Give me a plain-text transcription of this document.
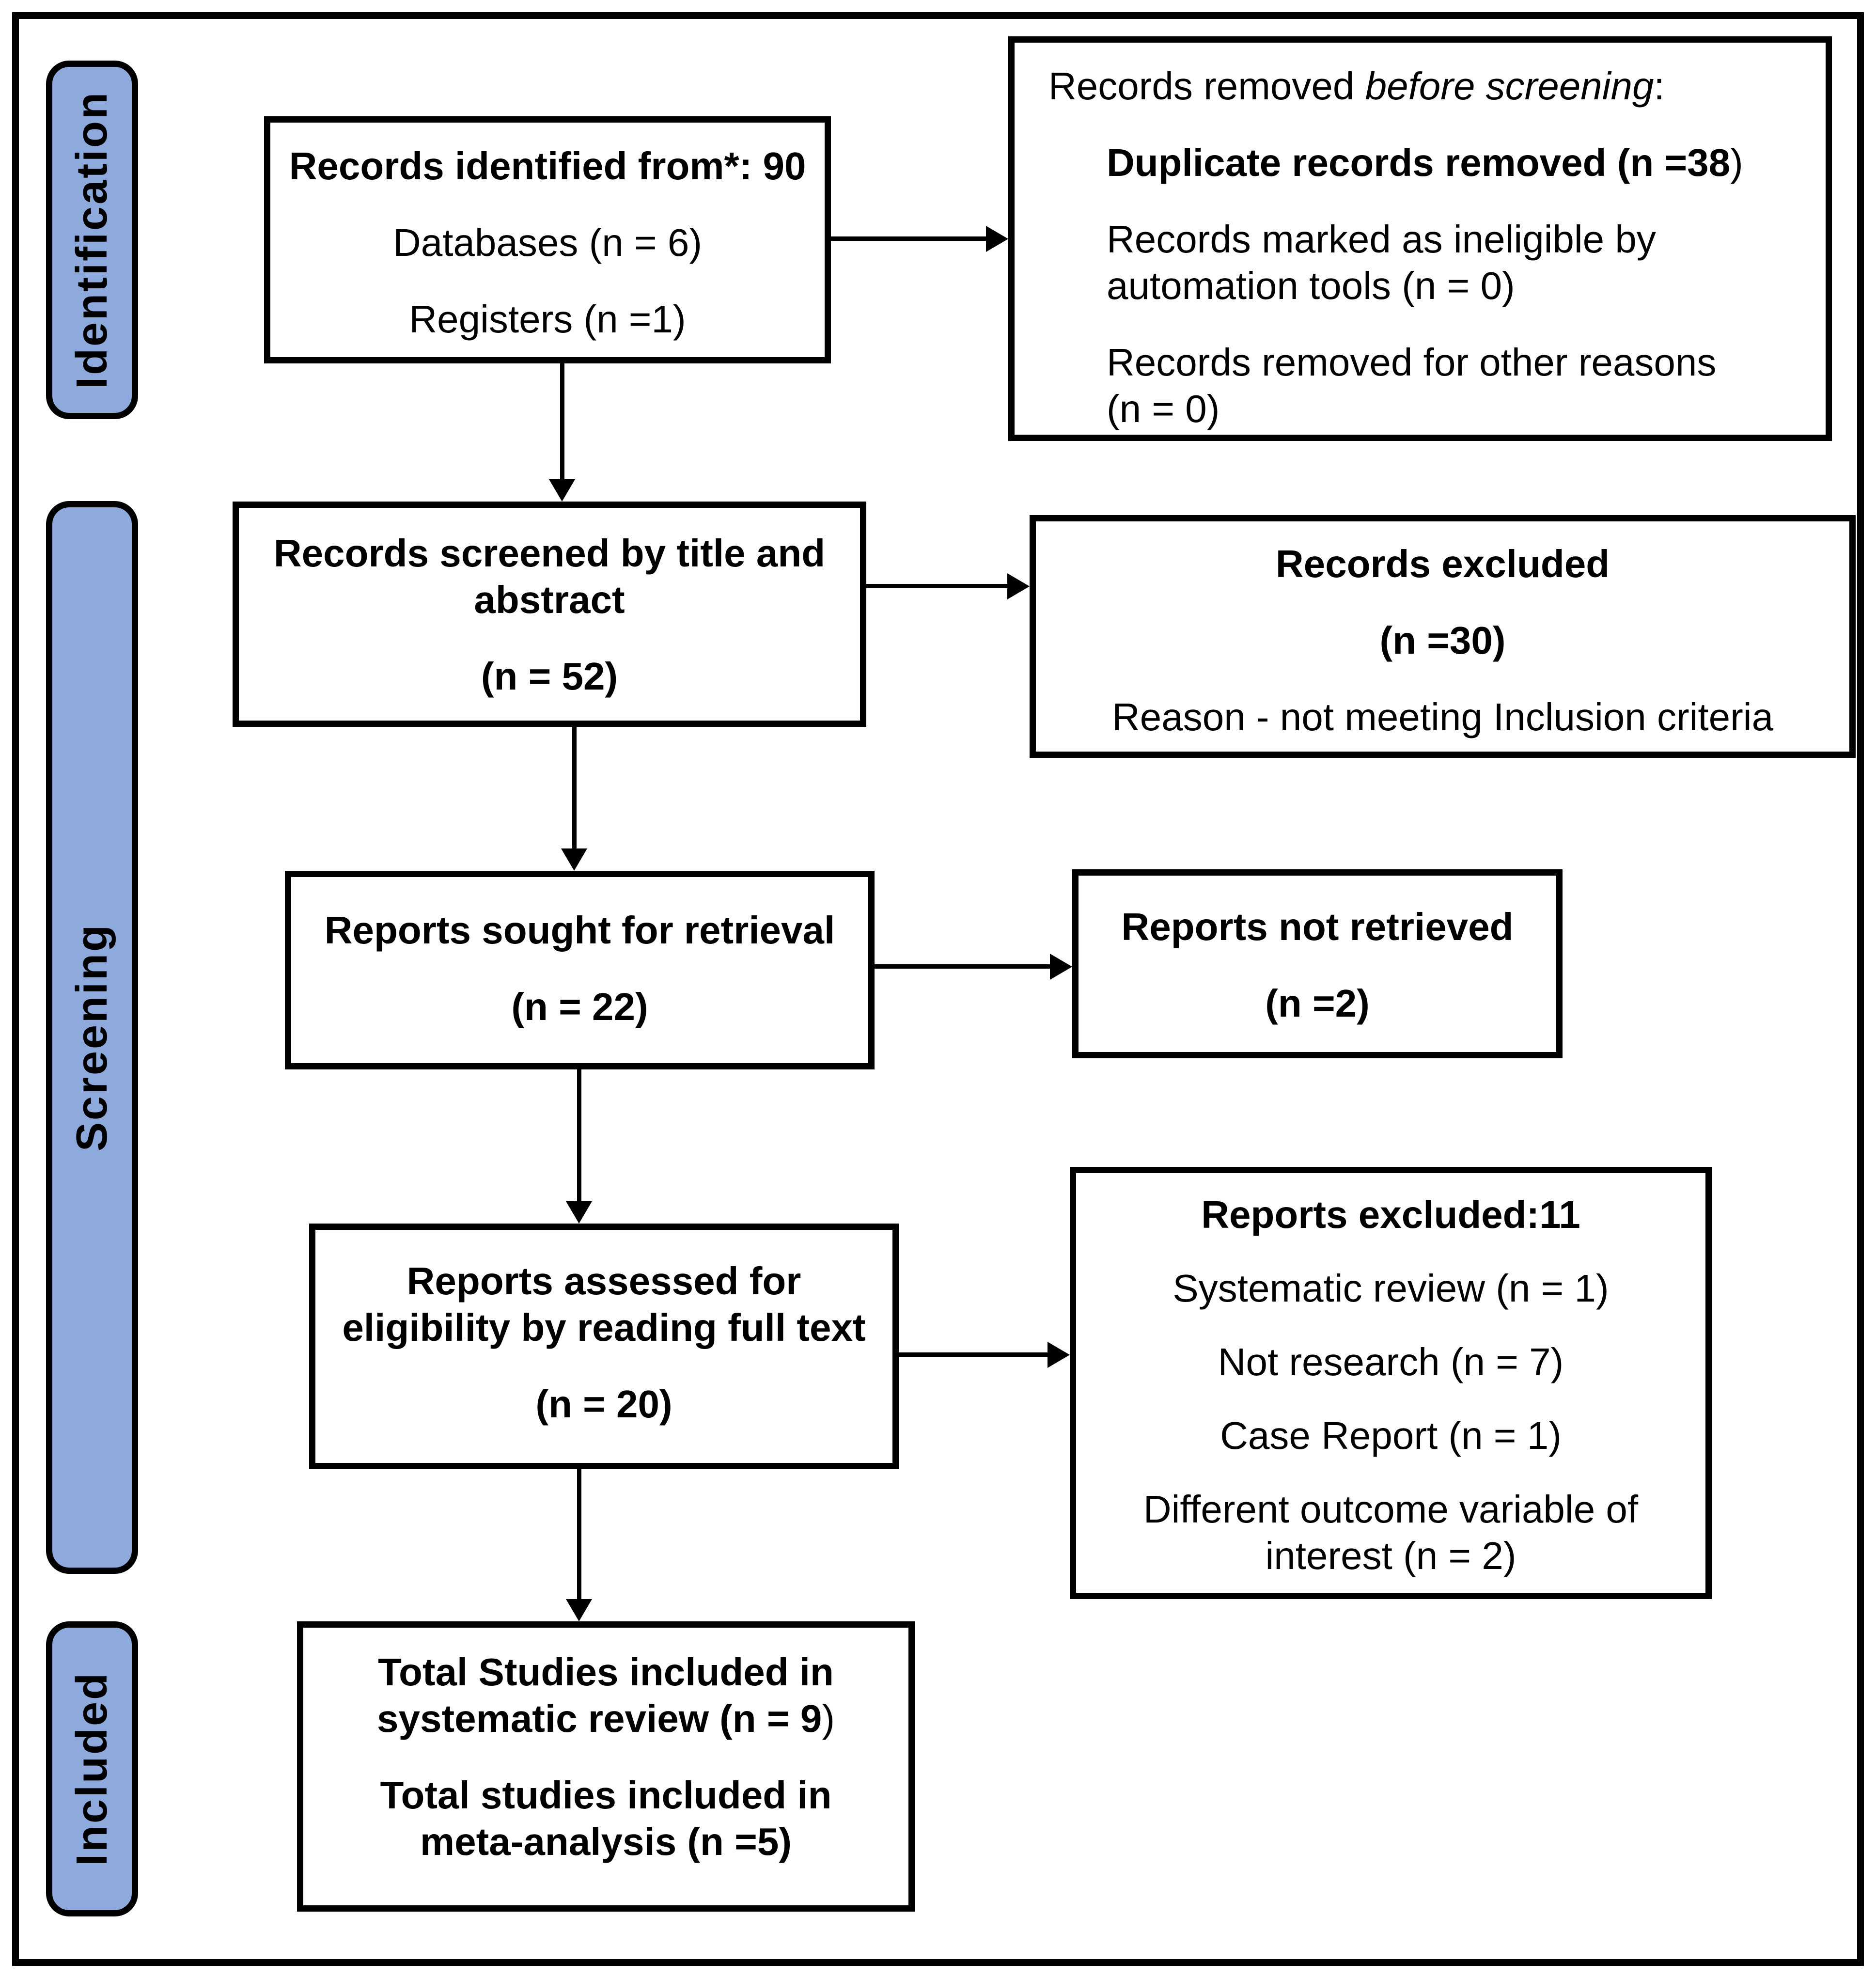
Identification
Screening
Included
Records identified from*: 90
Databases (n = 6)
Registers (n =1)
Records removed before screening:
Duplicate records removed (n =38)
Records marked as ineligible by
automation tools (n = 0)
Records removed for other reasons
(n = 0)
Records screened by title and
abstract
(n = 52)
Records excluded
(n =30)
Reason - not meeting Inclusion criteria
Reports sought for retrieval
(n = 22)
Reports not retrieved
(n =2)
Reports assessed for
eligibility by reading full text
(n = 20)
Reports excluded:11
Systematic review (n = 1)
Not research (n = 7)
Case Report (n = 1)
Different outcome variable of
interest (n = 2)
Total Studies included in
systematic review (n = 9)
Total studies included in
meta-analysis (n =5)
